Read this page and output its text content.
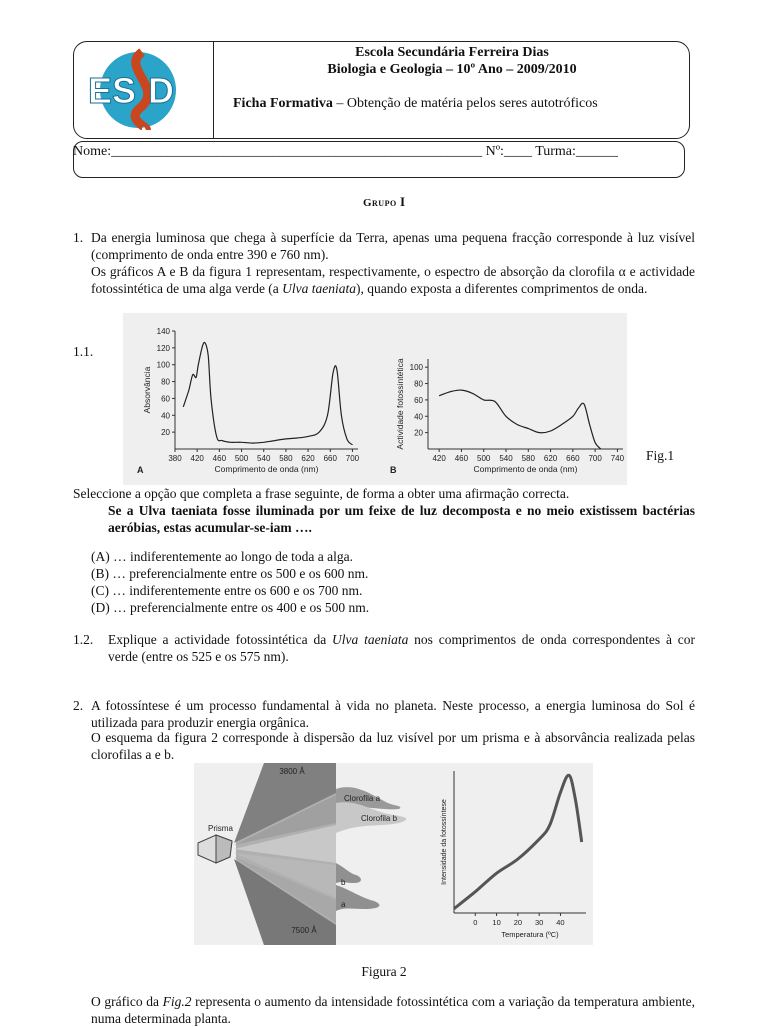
ES D
Escola Secundária Ferreira Dias
Biologia e Geologia – 10º Ano – 2009/2010
Ficha Formativa – Obtenção de matéria pelos seres autotróficos
Nome:_____________________________________________________ Nº:____ Turma:______
Grupo I
1. Da energia luminosa que chega à superfície da Terra, apenas uma pequena fracção corresponde à luz visível (comprimento de onda entre 390 e 760 nm).
Os gráficos A e B da figura 1 representam, respectivamente, o espectro de absorção da clorofila α e actividade fotossintética de uma alga verde (a Ulva taeniata), quando exposta a diferentes comprimentos de onda.
1.1.
20
40
60
80
100
120
140
380 420 460 500 540 580 620 660 700
Comprimento de onda (nm)
Absorvância
A
20
40
60
80
100
420 460 500 540 580 620 660 700 740
Comprimento de onda (nm)
Actividade fotossintética
B
Fig.1
Seleccione a opção que completa a frase seguinte, de forma a obter uma afirmação correcta.
Se a Ulva taeniata fosse iluminada por um feixe de luz decomposta e no meio existissem bactérias aeróbias, estas acumular-se-iam ….
(A) … indiferentemente ao longo de toda a alga.
(B) … preferencialmente entre os 500 e os 600 nm.
(C) … indiferentemente entre os 600 e os 700 nm.
(D) … preferencialmente entre os 400 e os 500 nm.
1.2. Explique a actividade fotossintética da Ulva taeniata nos comprimentos de onda correspondentes à cor verde (entre os 525 e os 575 nm).
2. A fotossíntese é um processo fundamental à vida no planeta. Neste processo, a energia luminosa do Sol é utilizada para produzir energia orgânica.
O esquema da figura 2 corresponde à dispersão da luz visível por um prisma e à absorvância realizada pelas clorofilas a e b.
3800 Å
7500 Å
Prisma
Clorofila a
Clorofila b
b
a
0 10 20 30 40
Temperatura (ºC)
Intensidade da fotossíntese
Figura 2
O gráfico da Fig.2 representa o aumento da intensidade fotossintética com a variação da temperatura ambiente, numa determinada planta.
